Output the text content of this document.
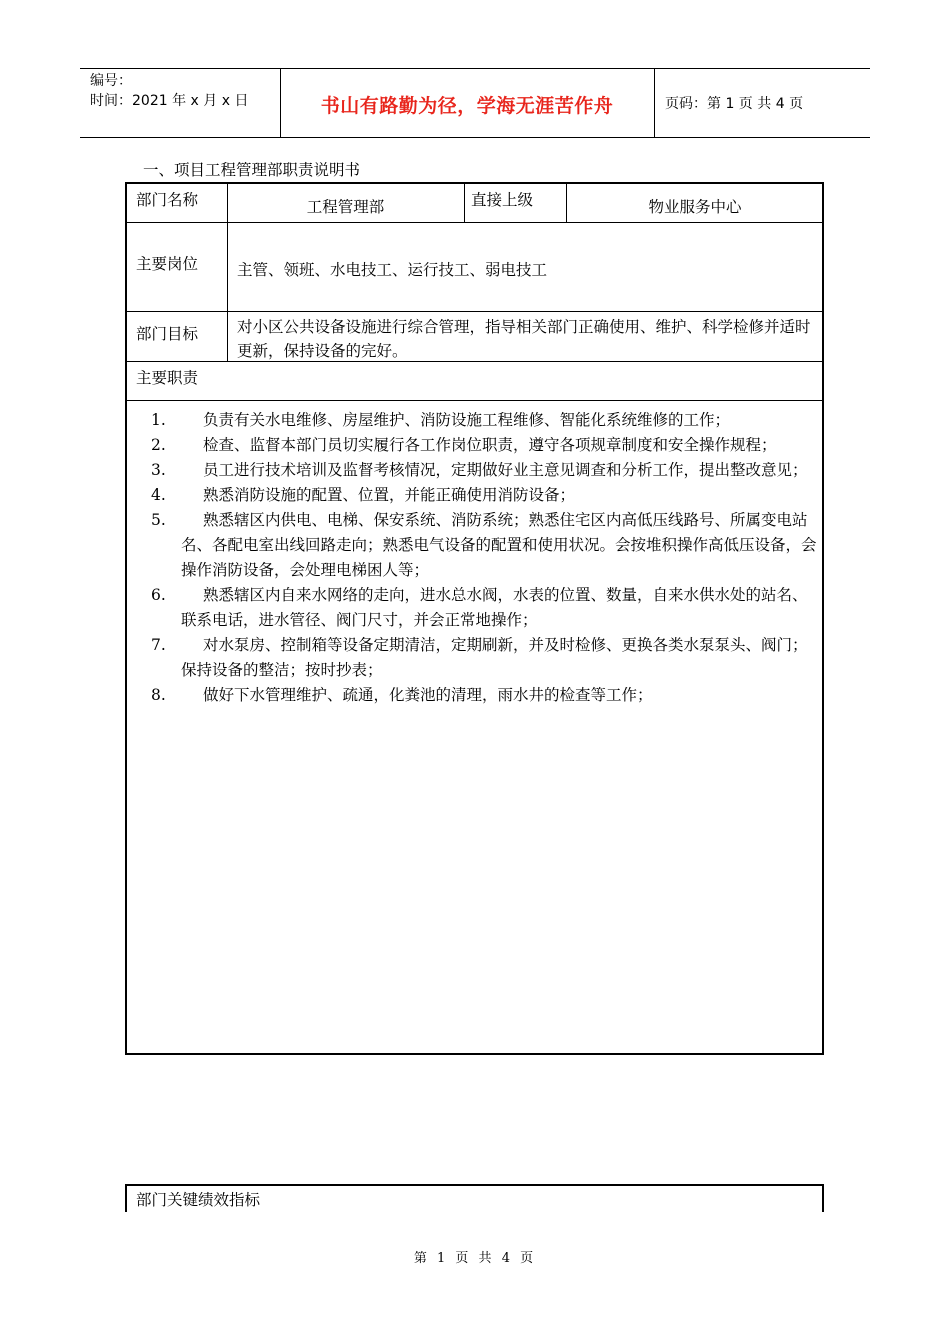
编号：
时间：2021 年 x 月 x 日	书山有路勤为径，学海无涯苦作舟	页码：第 1 页 共 4 页
一、项目工程管理部职责说明书
部门名称	工程管理部	直接上级	物业服务中心
主要岗位	主管、领班、水电技工、运行技工、弱电技工
部门目标	对小区公共设备设施进行综合管理，指导相关部门正确使用、维护、科学检修并适时更新，保持设备的完好。
主要职责
1.	负责有关水电维修、房屋维护、消防设施工程维修、智能化系统维修的工作；
2.	检查、监督本部门员切实履行各工作岗位职责，遵守各项规章制度和安全操作规程；
3.	员工进行技术培训及监督考核情况，定期做好业主意见调查和分析工作，提出整改意见；
4.	熟悉消防设施的配置、位置，并能正确使用消防设备；
5.	熟悉辖区内供电、电梯、保安系统、消防系统；熟悉住宅区内高低压线路号、所属变电站名、各配电室出线回路走向；熟悉电气设备的配置和使用状况。会按堆积操作高低压设备，会操作消防设备，会处理电梯困人等；
6.	熟悉辖区内自来水网络的走向，进水总水阀，水表的位置、数量，自来水供水处的站名、联系电话，进水管径、阀门尺寸，并会正常地操作；
7.	对水泵房、控制箱等设备定期清洁，定期刷新，并及时检修、更换各类水泵泵头、阀门；保持设备的整洁；按时抄表；
8.	做好下水管理维护、疏通，化粪池的清理，雨水井的检查等工作；
部门关键绩效指标
第 1 页 共 4 页
